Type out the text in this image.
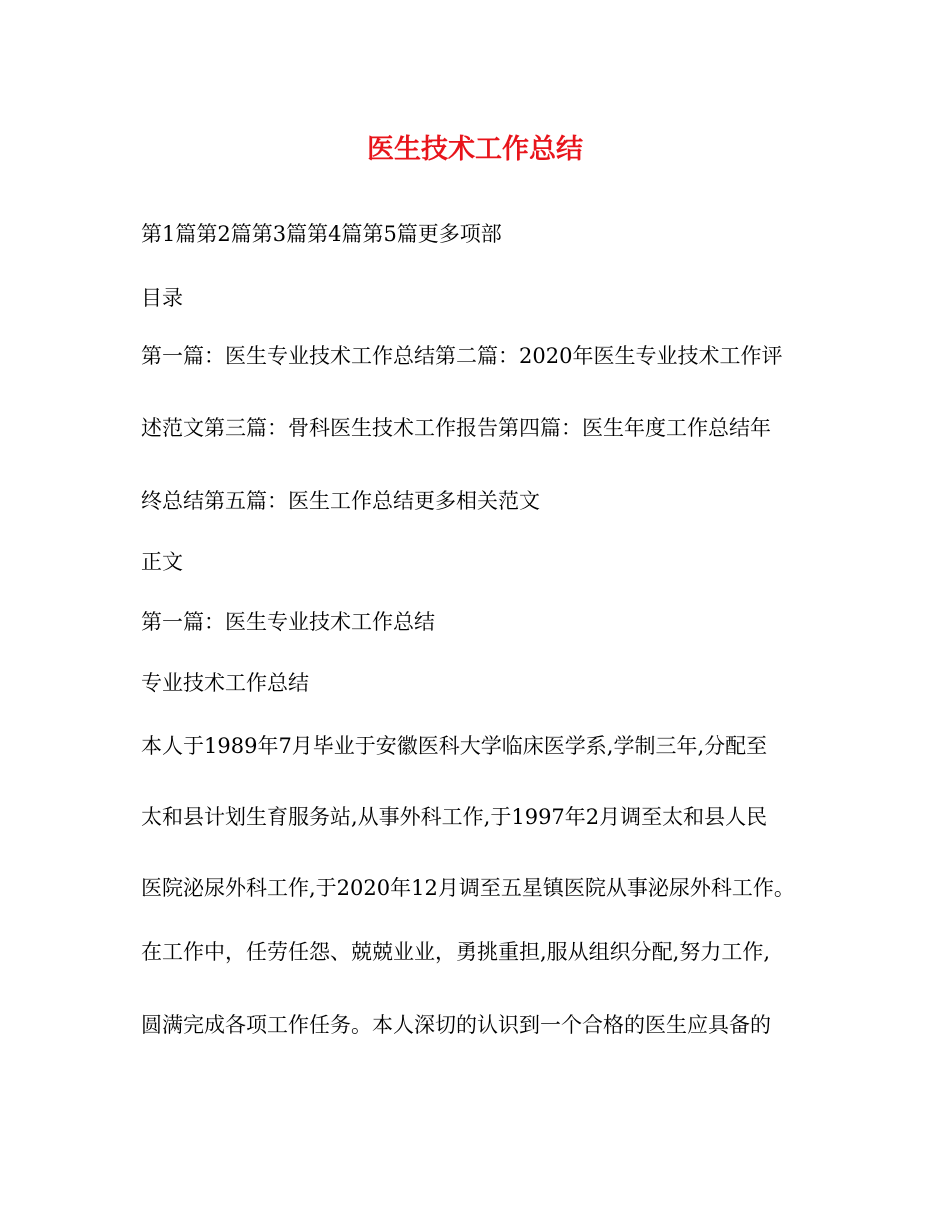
医生技术工作总结
第1篇第2篇第3篇第4篇第5篇更多项部
目录
第一篇：医生专业技术工作总结第二篇：2020年医生专业技术工作评
述范文第三篇：骨科医生技术工作报告第四篇：医生年度工作总结年
终总结第五篇：医生工作总结更多相关范文
正文
第一篇：医生专业技术工作总结
专业技术工作总结
本人于1989年7月毕业于安徽医科大学临床医学系,学制三年,分配至
太和县计划生育服务站,从事外科工作,于1997年2月调至太和县人民
医院泌尿外科工作,于2020年12月调至五星镇医院从事泌尿外科工作。
在工作中，任劳任怨、兢兢业业，勇挑重担,服从组织分配,努力工作,
圆满完成各项工作任务。本人深切的认识到一个合格的医生应具备的
